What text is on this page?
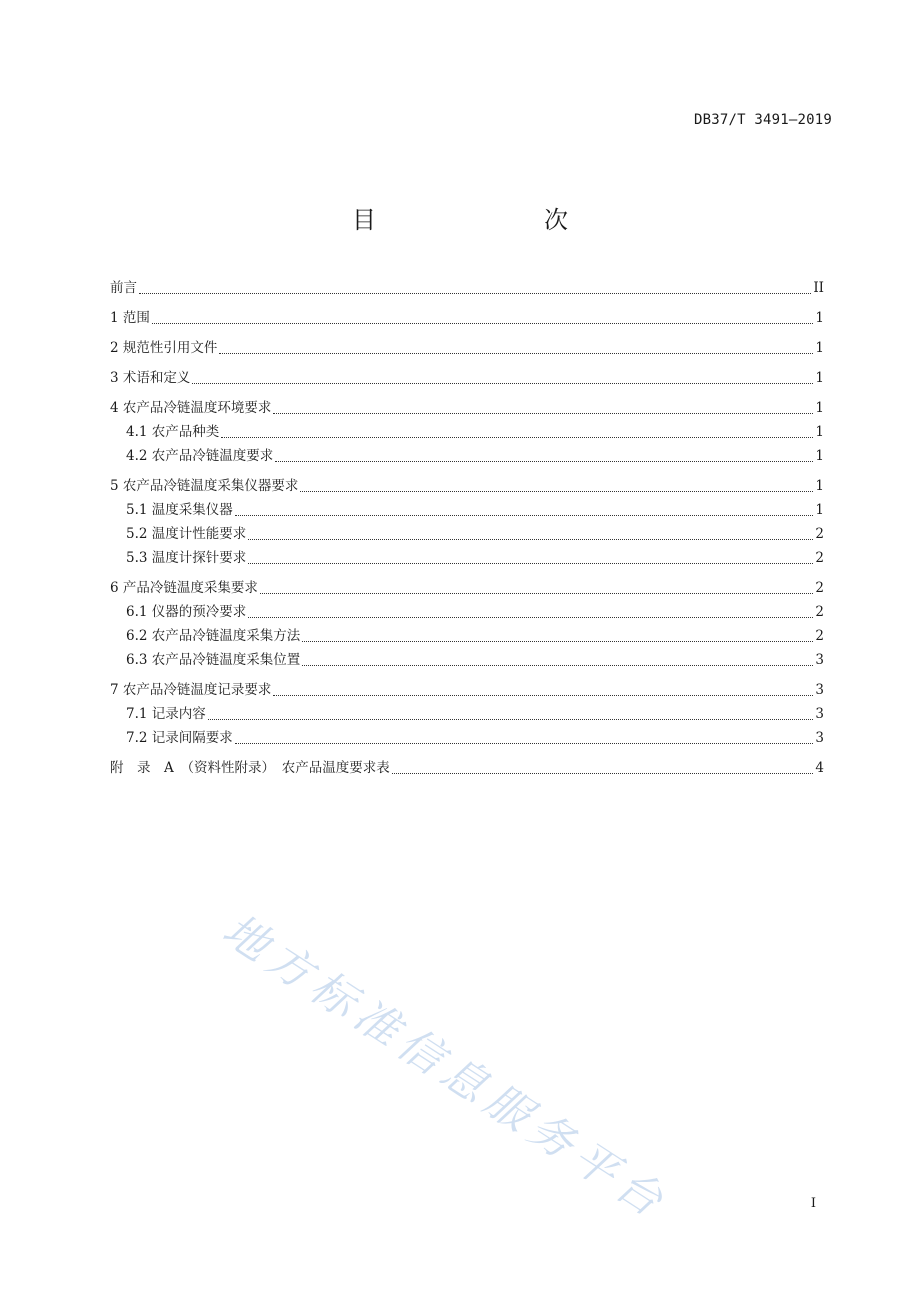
DB37/T 3491—2019
目　　次
前言	II
1 范围	1
2 规范性引用文件	1
3 术语和定义	1
4 农产品冷链温度环境要求	1
4.1 农产品种类	1
4.2 农产品冷链温度要求	1
5 农产品冷链温度采集仪器要求	1
5.1 温度采集仪器	1
5.2 温度计性能要求	2
5.3 温度计探针要求	2
6 产品冷链温度采集要求	2
6.1 仪器的预冷要求	2
6.2 农产品冷链温度采集方法	2
6.3 农产品冷链温度采集位置	3
7 农产品冷链温度记录要求	3
7.1 记录内容	3
7.2 记录间隔要求	3
附　录　A　（资料性附录）　农产品温度要求表	4
地方标准信息服务平台	I
